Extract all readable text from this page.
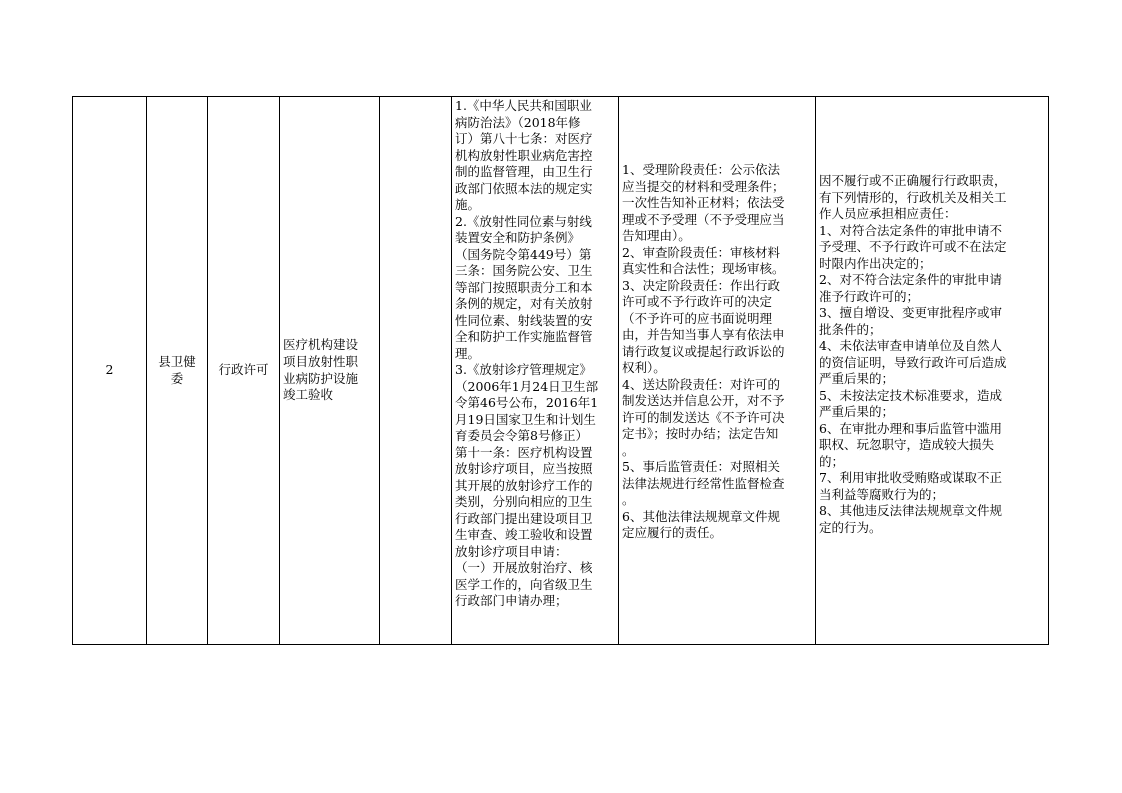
2
县卫健
委
行政许可
医疗机构建设
项目放射性职
业病防护设施
竣工验收
1.《中华人民共和国职业
病防治法》（2018年修
订）第八十七条：对医疗
机构放射性职业病危害控
制的监督管理，由卫生行
政部门依照本法的规定实
施。
2.《放射性同位素与射线
装置安全和防护条例》
（国务院令第449号）第
三条：国务院公安、卫生
等部门按照职责分工和本
条例的规定，对有关放射
性同位素、射线装置的安
全和防护工作实施监督管
理。
3.《放射诊疗管理规定》
（2006年1月24日卫生部
令第46号公布，2016年1
月19日国家卫生和计划生
育委员会令第8号修正）
第十一条：医疗机构设置
放射诊疗项目，应当按照
其开展的放射诊疗工作的
类别，分别向相应的卫生
行政部门提出建设项目卫
生审查、竣工验收和设置
放射诊疗项目申请：
（一）开展放射治疗、核
医学工作的，向省级卫生
行政部门申请办理；
1、受理阶段责任：公示依法
应当提交的材料和受理条件；
一次性告知补正材料；依法受
理或不予受理（不予受理应当
告知理由）。
2、审查阶段责任：审核材料
真实性和合法性；现场审核。
3、决定阶段责任：作出行政
许可或不予行政许可的决定
（不予许可的应书面说明理
由，并告知当事人享有依法申
请行政复议或提起行政诉讼的
权利）。
4、送达阶段责任：对许可的
制发送达并信息公开，对不予
许可的制发送达《不予许可决
定书》；按时办结；法定告知
。
5、事后监管责任：对照相关
法律法规进行经常性监督检查
。
6、其他法律法规规章文件规
定应履行的责任。
因不履行或不正确履行行政职责，
有下列情形的，行政机关及相关工
作人员应承担相应责任：
1、对符合法定条件的审批申请不
予受理、不予行政许可或不在法定
时限内作出决定的；
2、对不符合法定条件的审批申请
准予行政许可的；
3、擅自增设、变更审批程序或审
批条件的；
4、未依法审查申请单位及自然人
的资信证明，导致行政许可后造成
严重后果的；
5、未按法定技术标准要求，造成
严重后果的；
6、在审批办理和事后监管中滥用
职权、玩忽职守，造成较大损失
的；
7、利用审批收受贿赂或谋取不正
当利益等腐败行为的；
8、其他违反法律法规规章文件规
定的行为。
